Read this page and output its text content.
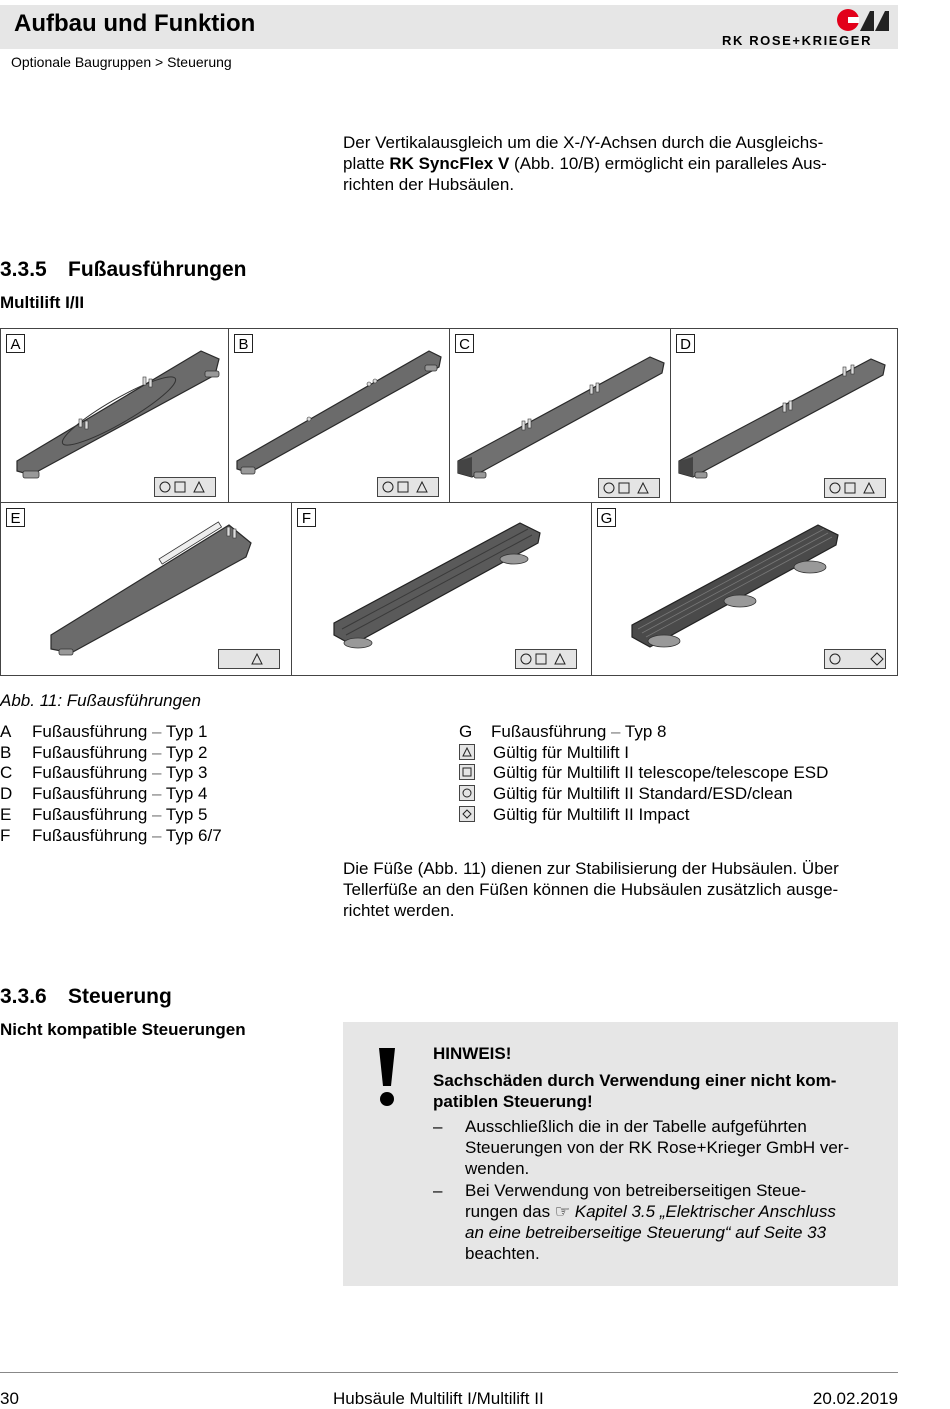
Aufbau und Funktion
Optionale Baugruppen > Steuerung
RK ROSE+KRIEGER
Der Vertikalausgleich um die X-/Y-Achsen durch die Ausgleichs-
platte RK SyncFlex V (Abb. 10/B) ermöglicht ein paralleles Aus-
richten der Hubsäulen.
3.3.5 Fußausführungen
Multilift I/II
A	B	C	D
E	F	G
Abb. 11: Fußausführungen
A Fußausführung – Typ 1
B Fußausführung – Typ 2
C Fußausführung – Typ 3
D Fußausführung – Typ 4
E Fußausführung – Typ 5
F Fußausführung – Typ 6/7
G Fußausführung – Typ 8
Gültig für Multilift I
Gültig für Multilift II telescope/telescope ESD
Gültig für Multilift II Standard/ESD/clean
Gültig für Multilift II Impact
Die Füße (Abb. 11) dienen zur Stabilisierung der Hubsäulen. Über
Tellerfüße an den Füßen können die Hubsäulen zusätzlich ausge-
richtet werden.
3.3.6 Steuerung
Nicht kompatible Steuerungen
HINWEIS!
Sachschäden durch Verwendung einer nicht kom-
patiblen Steuerung!
– Ausschließlich die in der Tabelle aufgeführten
Steuerungen von der RK Rose+Krieger GmbH ver-
wenden.
– Bei Verwendung von betreiberseitigen Steue-
rungen das ☞ Kapitel 3.5 „Elektrischer Anschluss
an eine betreiberseitige Steuerung“ auf Seite 33
beachten.
30	Hubsäule Multilift I/Multilift II	20.02.2019
